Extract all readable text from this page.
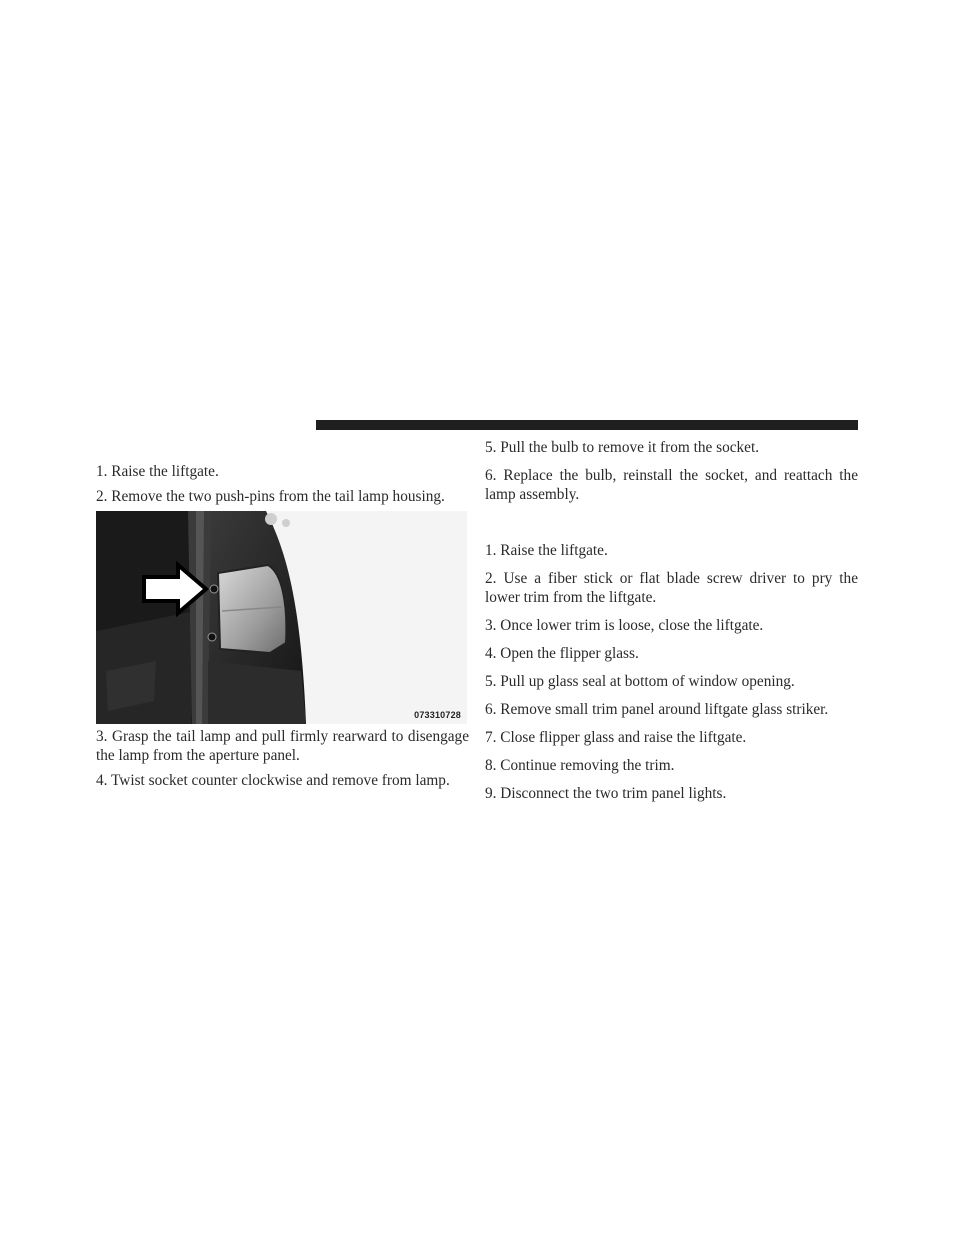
1. Raise the liftgate.

2. Remove the two push-pins from the tail lamp housing.

073310728

3. Grasp the tail lamp and pull firmly rearward to disengage the lamp from the aperture panel.

4. Twist socket counter clockwise and remove from lamp.

5. Pull the bulb to remove it from the socket.

6. Replace the bulb, reinstall the socket, and reattach the lamp assembly.

1. Raise the liftgate.

2. Use a fiber stick or flat blade screw driver to pry the lower trim from the liftgate.

3. Once lower trim is loose, close the liftgate.

4. Open the flipper glass.

5. Pull up glass seal at bottom of window opening.

6. Remove small trim panel around liftgate glass striker.

7. Close flipper glass and raise the liftgate.

8. Continue removing the trim.

9. Disconnect the two trim panel lights.
